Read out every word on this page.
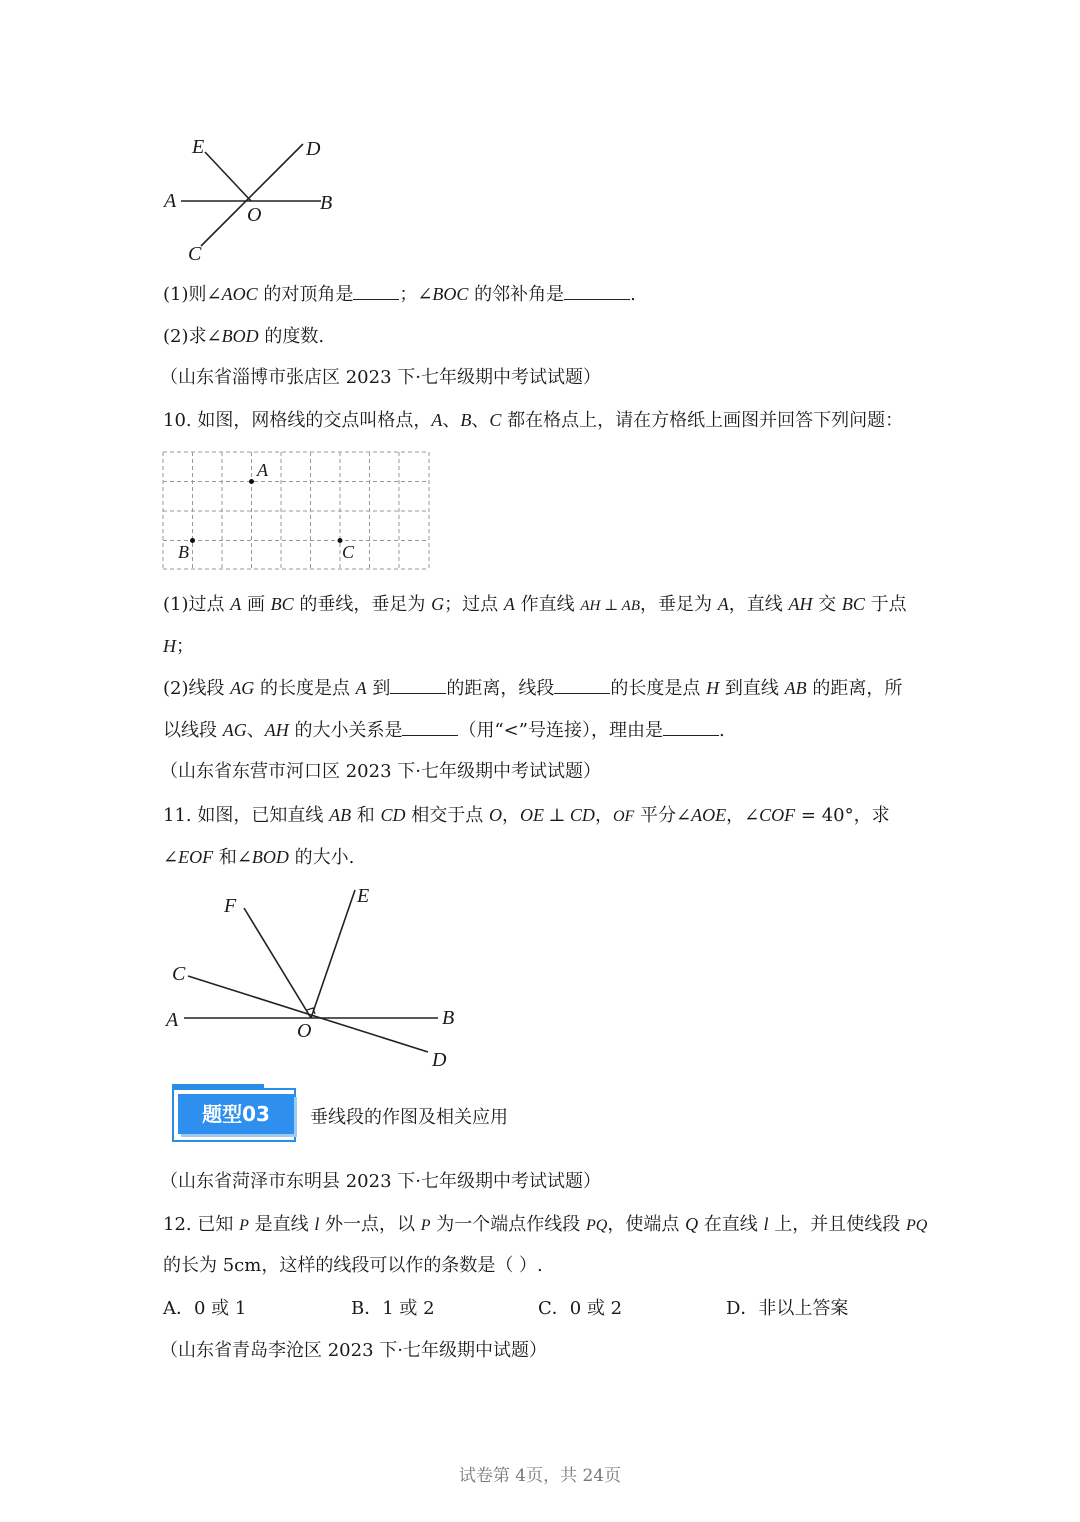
E	D
A
O
B
C
(1)则∠AOC 的对顶角是	；∠BOC 的邻补角是	.
(2)求∠BOD 的度数.
（山东省淄博市张店区 2023 下·七年级期中考试试题）
10. 如图，网格线的交点叫格点，A、B、C 都在格点上，请在方格纸上画图并回答下列问题：
A
B	C
(1)过点 A 画 BC 的垂线，垂足为 G；过点 A 作直线 AH ⊥ AB，垂足为 A，直线 AH 交 BC 于点
H；
(2)线段 AG 的长度是点 A 到	的距离，线段	的长度是点 H 到直线 AB 的距离，所
以线段 AG、AH 的大小关系是	（用“<”号连接），理由是	.
（山东省东营市河口区 2023 下·七年级期中考试试题）
11. 如图，已知直线 AB 和 CD 相交于点 O，OE ⊥ CD，OF 平分∠AOE，∠COF = 40°，求
∠EOF 和∠BOD 的大小.
F	E
C
A	O
B
D
题型03	垂线段的作图及相关应用
（山东省菏泽市东明县 2023 下·七年级期中考试试题）
12. 已知 P 是直线 l 外一点，以 P 为一个端点作线段 PQ，使端点 Q 在直线 l 上，并且使线段 PQ
的长为 5cm，这样的线段可以作的条数是（ ）.
A．0 或 1	B．1 或 2	C．0 或 2	D．非以上答案
（山东省青岛李沧区 2023 下·七年级期中试题）
试卷第 4页，共 24页
